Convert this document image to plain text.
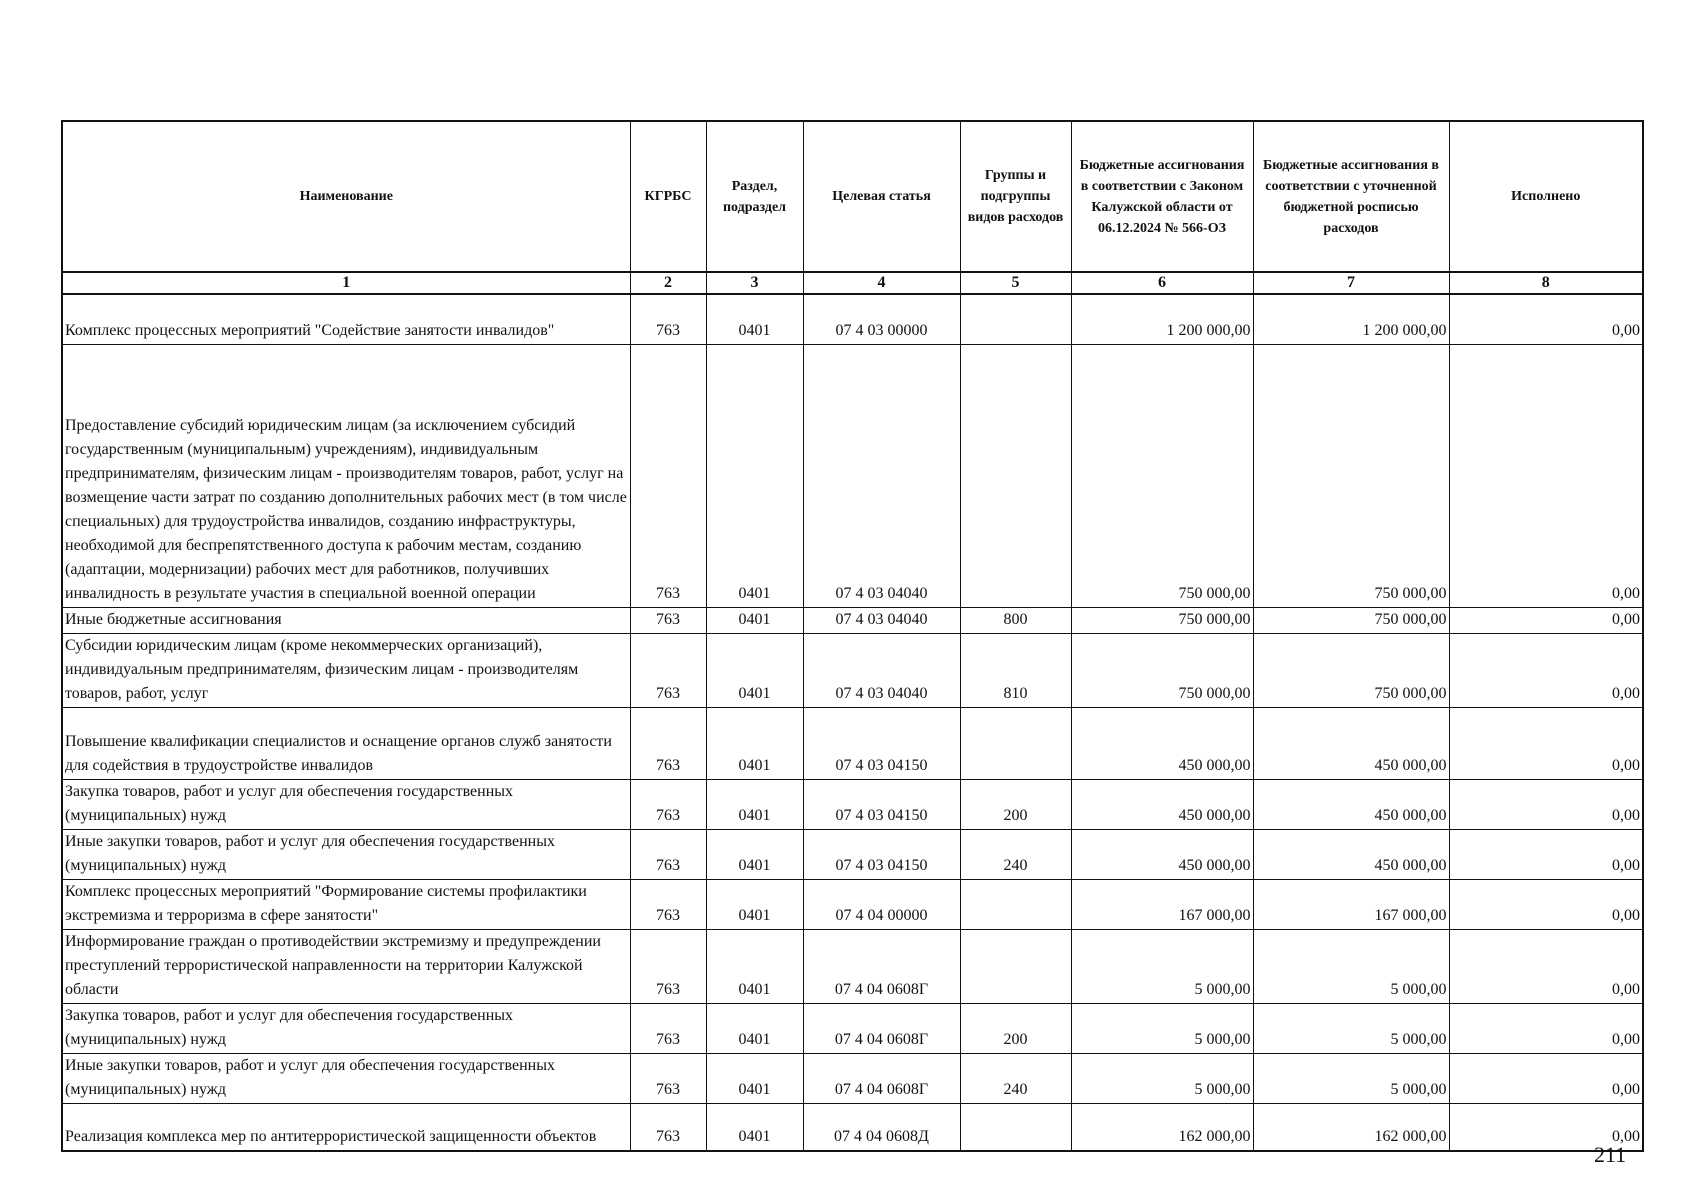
Наименование	КГРБС	Раздел, подраздел	Целевая статья	Группы и подгруппы видов расходов	Бюджетные ассигнования в соответствии с Законом Калужской области от 06.12.2024 № 566-ОЗ	Бюджетные ассигнования в соответствии с уточненной бюджетной росписью расходов	Исполнено
1	2	3	4	5	6	7	8
Комплекс процессных мероприятий "Содействие занятости инвалидов"	763	0401	07 4 03 00000		1 200 000,00	1 200 000,00	0,00
Предоставление субсидий юридическим лицам (за исключением субсидий государственным (муниципальным) учреждениям), индивидуальным предпринимателям, физическим лицам - производителям товаров, работ, услуг на возмещение части затрат по созданию дополнительных рабочих мест (в том числе специальных) для трудоустройства инвалидов, созданию инфраструктуры, необходимой для беспрепятственного доступа к рабочим местам, созданию (адаптации, модернизации) рабочих мест для работников, получивших инвалидность в результате участия в специальной военной операции	763	0401	07 4 03 04040		750 000,00	750 000,00	0,00
Иные бюджетные ассигнования	763	0401	07 4 03 04040	800	750 000,00	750 000,00	0,00
Субсидии юридическим лицам (кроме некоммерческих организаций), индивидуальным предпринимателям, физическим лицам - производителям товаров, работ, услуг	763	0401	07 4 03 04040	810	750 000,00	750 000,00	0,00
Повышение квалификации специалистов и оснащение органов служб занятости для содействия в трудоустройстве инвалидов	763	0401	07 4 03 04150		450 000,00	450 000,00	0,00
Закупка товаров, работ и услуг для обеспечения государственных (муниципальных) нужд	763	0401	07 4 03 04150	200	450 000,00	450 000,00	0,00
Иные закупки товаров, работ и услуг для обеспечения государственных (муниципальных) нужд	763	0401	07 4 03 04150	240	450 000,00	450 000,00	0,00
Комплекс процессных мероприятий "Формирование системы профилактики экстремизма и терроризма в сфере занятости"	763	0401	07 4 04 00000		167 000,00	167 000,00	0,00
Информирование граждан о противодействии экстремизму и предупреждении преступлений террористической направленности на территории Калужской области	763	0401	07 4 04 0608Г		5 000,00	5 000,00	0,00
Закупка товаров, работ и услуг для обеспечения государственных (муниципальных) нужд	763	0401	07 4 04 0608Г	200	5 000,00	5 000,00	0,00
Иные закупки товаров, работ и услуг для обеспечения государственных (муниципальных) нужд	763	0401	07 4 04 0608Г	240	5 000,00	5 000,00	0,00
Реализация комплекса мер по антитеррористической защищенности объектов	763	0401	07 4 04 0608Д		162 000,00	162 000,00	0,00
211
